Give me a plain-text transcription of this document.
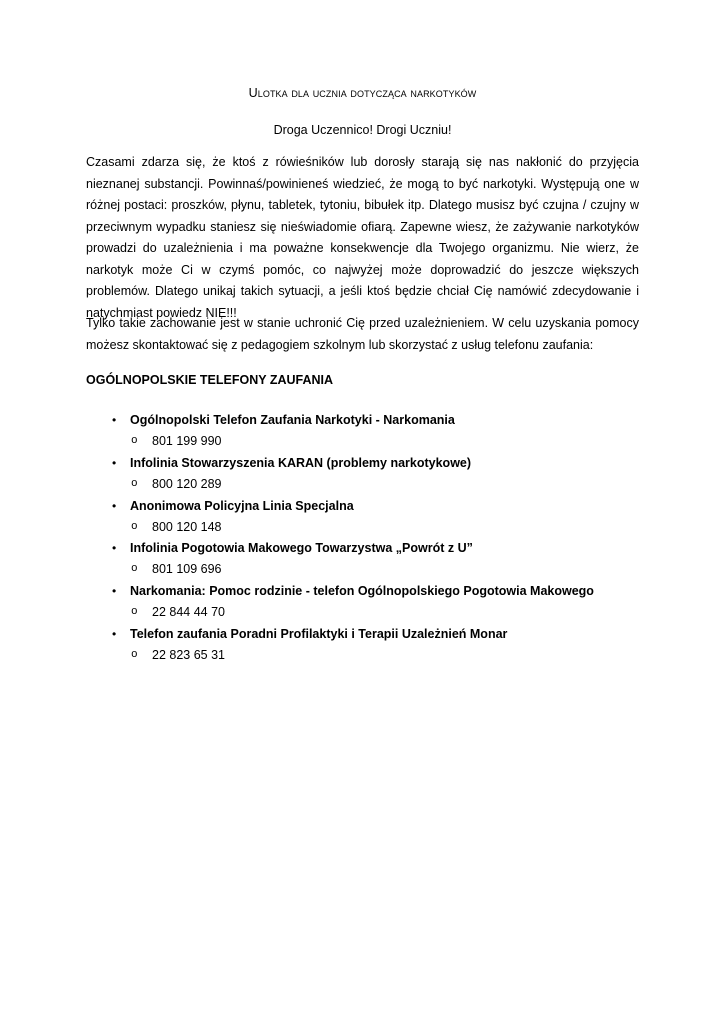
Ulotka dla ucznia dotycząca narkotyków
Droga Uczennico! Drogi Uczniu!

Czasami zdarza się, że ktoś z rówieśników lub dorosły starają się nas nakłonić do przyjęcia nieznanej substancji. Powinnaś/powinieneś wiedzieć, że mogą to być narkotyki. Występują one w różnej postaci: proszków, płynu, tabletek, tytoniu, bibułek itp. Dlatego musisz być czujna / czujny w przeciwnym wypadku staniesz się nieświadomie ofiarą. Zapewne wiesz, że zażywanie narkotyków prowadzi do uzależnienia i ma poważne konsekwencje dla Twojego organizmu. Nie wierz, że narkotyk może Ci w czymś pomóc, co najwyżej może doprowadzić do jeszcze większych problemów. Dlatego unikaj takich sytuacji, a jeśli ktoś będzie chciał Cię namówić zdecydowanie i natychmiast powiedz NIE!!!

Tylko takie zachowanie jest w stanie uchronić Cię przed uzależnieniem. W celu uzyskania pomocy możesz skontaktować się z pedagogiem szkolnym lub skorzystać z usług telefonu zaufania:

OGÓLNOPOLSKIE TELEFONY ZAUFANIA
• Ogólnopolski Telefon Zaufania Narkotyki - Narkomania
o 801 199 990
• Infolinia Stowarzyszenia KARAN (problemy narkotykowe)
o 800 120 289
• Anonimowa Policyjna Linia Specjalna
o 800 120 148
• Infolinia Pogotowia Makowego Towarzystwa „Powrót z U”
o 801 109 696
• Narkomania: Pomoc rodzinie - telefon Ogólnopolskiego Pogotowia Makowego
o 22 844 44 70
• Telefon zaufania Poradni Profilaktyki i Terapii Uzależnień Monar
o 22 823 65 31
